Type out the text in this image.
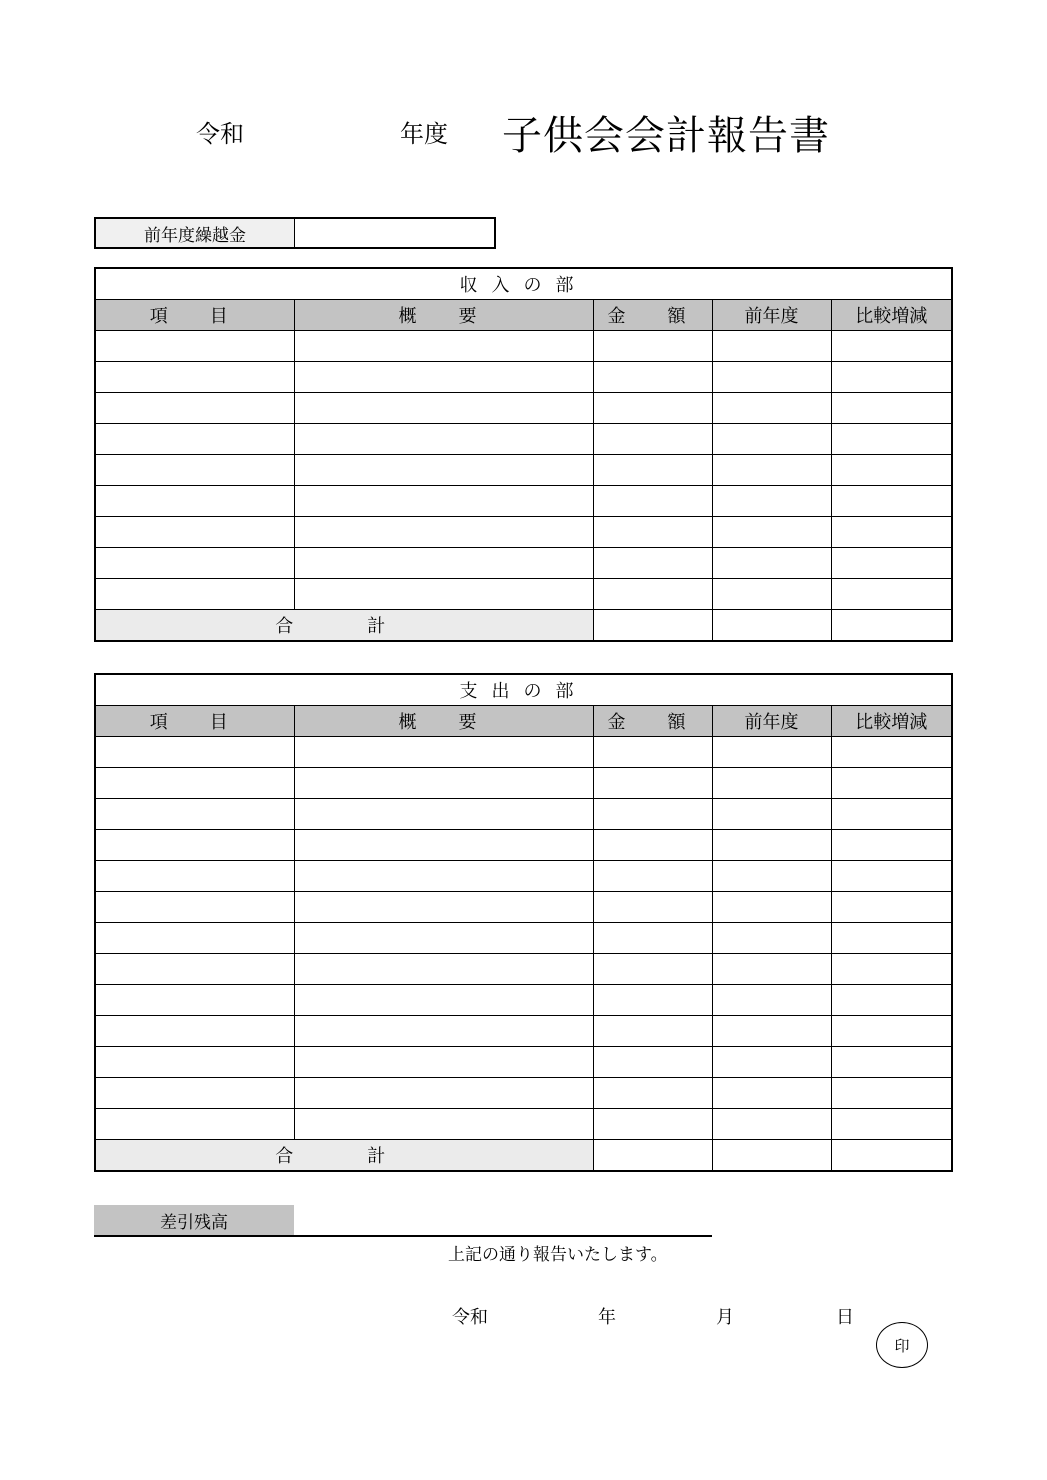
令和	年度 子供会会計報告書
前年度繰越金
収入の部				
項　目	概　要	金　額	前年度	比較増減

合　計				
支出の部				
項　目	概　要	金　額	前年度	比較増減

合　計				
差引残高
上記の通り報告いたします。
令和	年	月	日
印
